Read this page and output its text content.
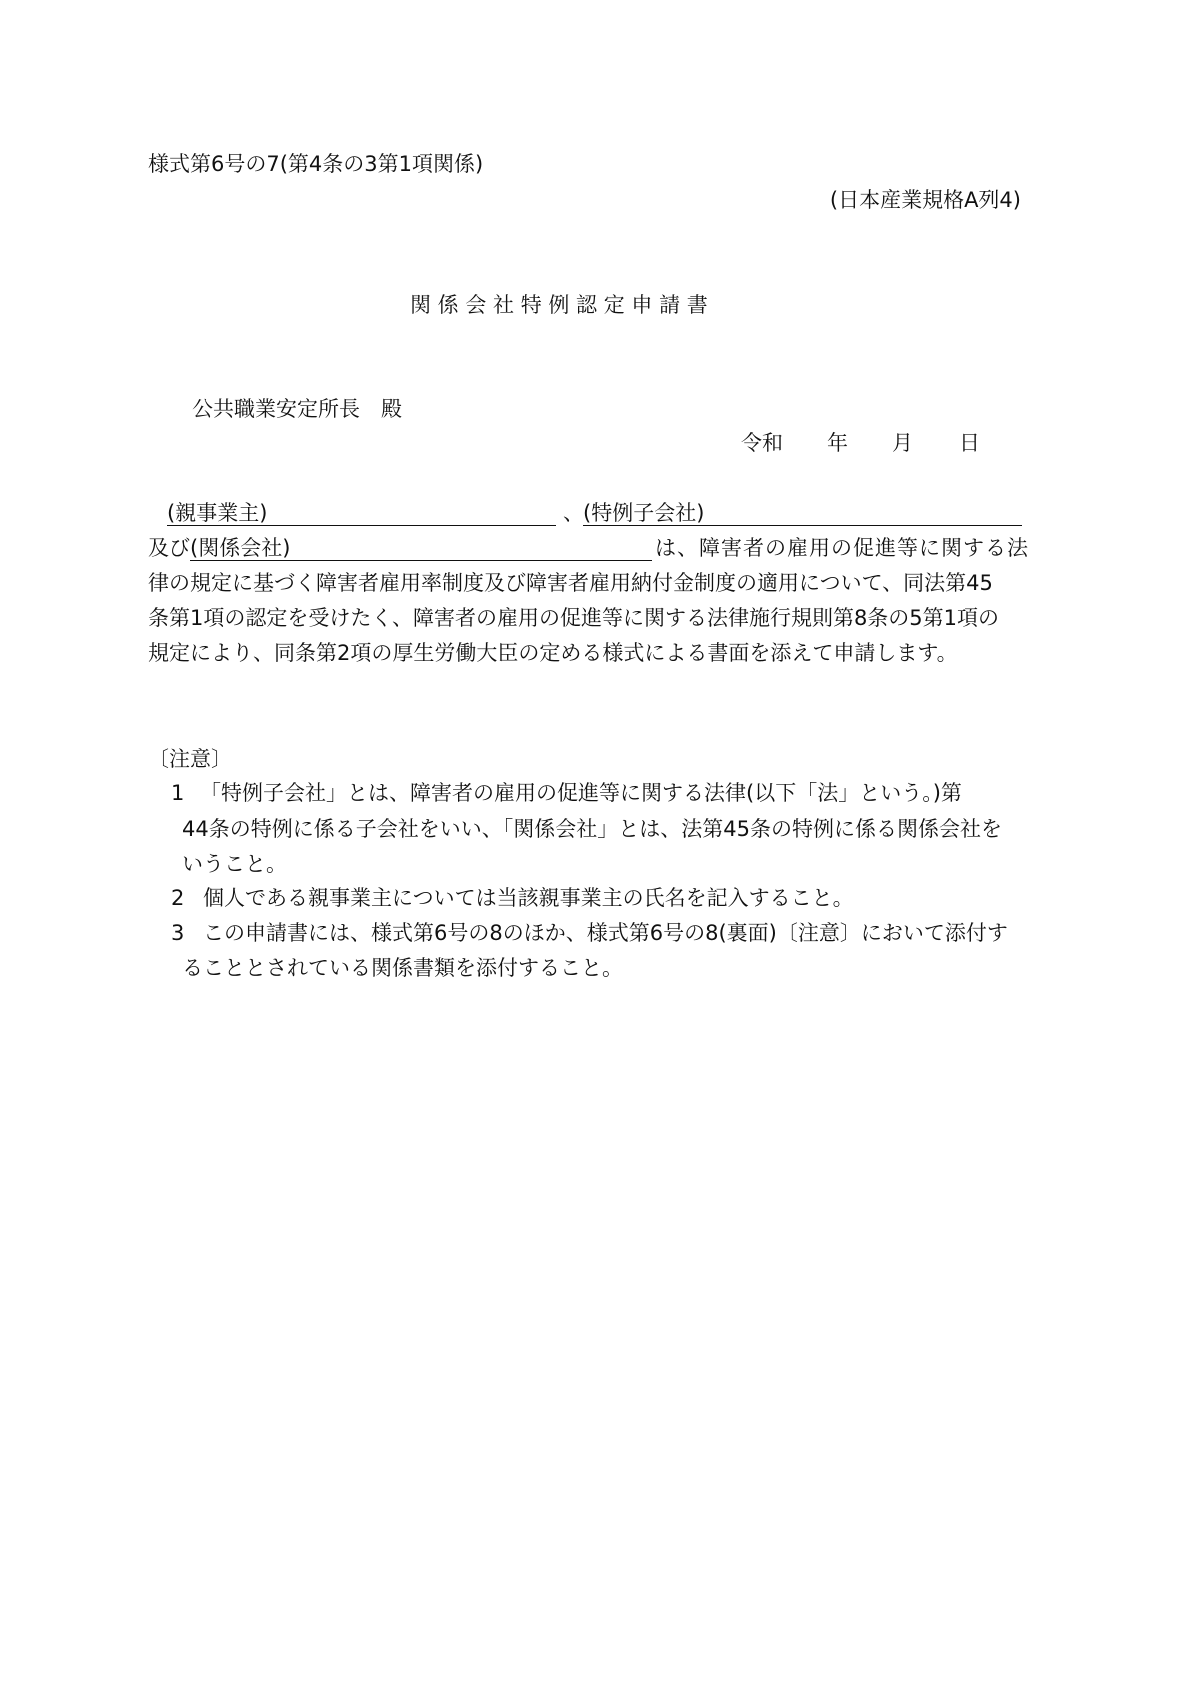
様式第6号の7(第4条の3第1項関係)
(日本産業規格A列4)
関 係 会 社 特 例 認 定 申 請 書
公共職業安定所長　殿
令和 年 月 日
(親事業主)	、 (特例子会社)
及び (関係会社)	は、障害者の雇用の促進等に関する法
律の規定に基づく障害者雇用率制度及び障害者雇用納付金制度の適用について、同法第45
条第1項の認定を受けたく、障害者の雇用の促進等に関する法律施行規則第8条の5第1項の
規定により、同条第2項の厚生労働大臣の定める様式による書面を添えて申請します。
〔注意〕
1 「特例子会社」とは、障害者の雇用の促進等に関する法律(以下「法」という。)第
44条の特例に係る子会社をいい、「関係会社」とは、法第45条の特例に係る関係会社を
いうこと。
2 個人である親事業主については当該親事業主の氏名を記入すること。
3 この申請書には、様式第6号の8のほか、様式第6号の8(裏面)〔注意〕において添付す
ることとされている関係書類を添付すること。
